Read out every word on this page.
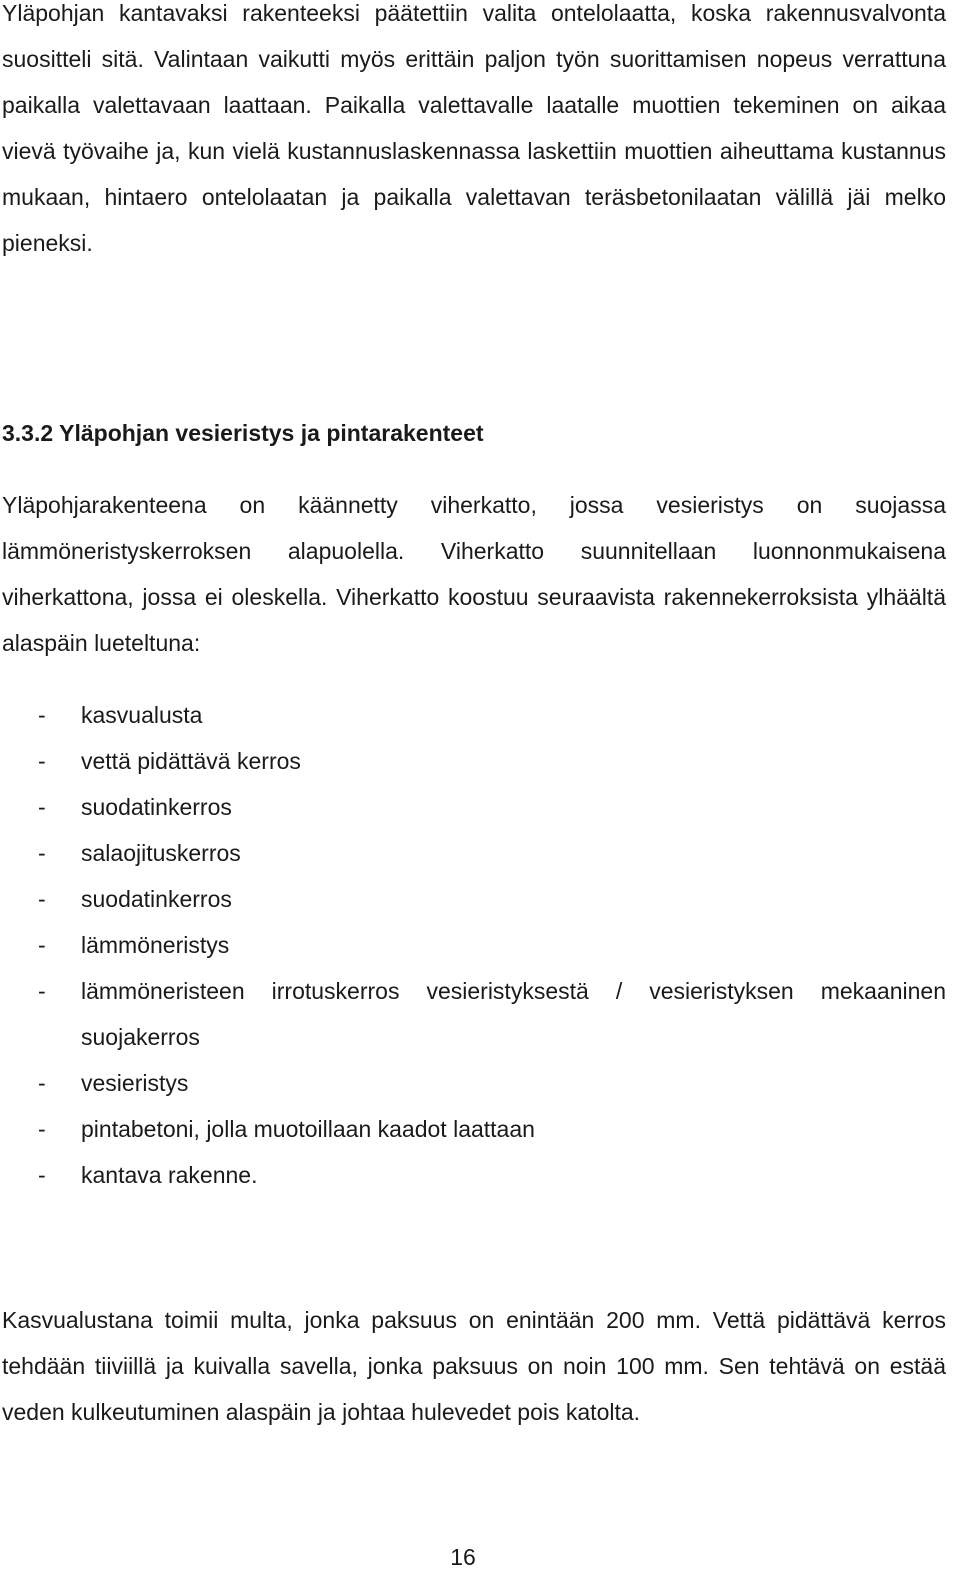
Yläpohjan kantavaksi rakenteeksi päätettiin valita ontelolaatta, koska rakennusvalvonta suositteli sitä. Valintaan vaikutti myös erittäin paljon työn suorittamisen nopeus verrattuna paikalla valettavaan laattaan. Paikalla valettavalle laatalle muottien tekeminen on aikaa vievä työvaihe ja, kun vielä kustannuslaskennassa laskettiin muottien aiheuttama kustannus mukaan, hintaero ontelolaatan ja paikalla valettavan teräsbetonilaatan välillä jäi melko pieneksi.

3.3.2 Yläpohjan vesieristys ja pintarakenteet

Yläpohjarakenteena on käännetty viherkatto, jossa vesieristys on suojassa lämmöneristyskerroksen alapuolella. Viherkatto suunnitellaan luonnonmukaisena viherkattona, jossa ei oleskella. Viherkatto koostuu seuraavista rakennekerroksista ylhäältä alaspäin lueteltuna:

- kasvualusta
- vettä pidättävä kerros
- suodatinkerros
- salaojituskerros
- suodatinkerros
- lämmöneristys
- lämmöneristeen irrotuskerros vesieristyksestä / vesieristyksen mekaaninen suojakerros
- vesieristys
- pintabetoni, jolla muotoillaan kaadot laattaan
- kantava rakenne.

Kasvualustana toimii multa, jonka paksuus on enintään 200 mm. Vettä pidättävä kerros tehdään tiiviillä ja kuivalla savella, jonka paksuus on noin 100 mm. Sen tehtävä on estää veden kulkeutuminen alaspäin ja johtaa hulevedet pois katolta.

16
